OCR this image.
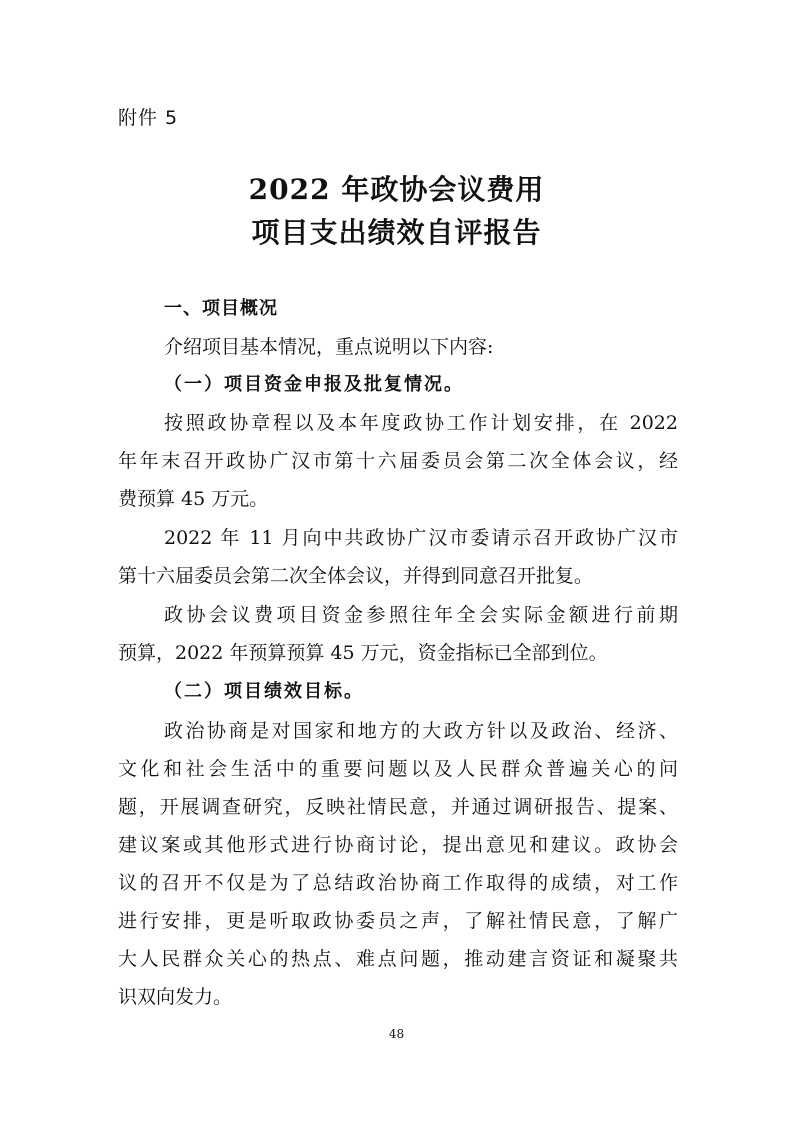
附件 5
2022 年政协会议费用
项目支出绩效自评报告
一、项目概况
介绍项目基本情况，重点说明以下内容:
（一）项目资金申报及批复情况。
按照政协章程以及本年度政协工作计划安排，在 2022
年年末召开政协广汉市第十六届委员会第二次全体会议，经
费预算 45 万元。
2022 年 11 月向中共政协广汉市委请示召开政协广汉市
第十六届委员会第二次全体会议，并得到同意召开批复。
政协会议费项目资金参照往年全会实际金额进行前期
预算，2022 年预算预算 45 万元，资金指标已全部到位。
（二）项目绩效目标。
政治协商是对国家和地方的大政方针以及政治、经济、
文化和社会生活中的重要问题以及人民群众普遍关心的问
题，开展调查研究，反映社情民意，并通过调研报告、提案、
建议案或其他形式进行协商讨论，提出意见和建议。政协会
议的召开不仅是为了总结政治协商工作取得的成绩，对工作
进行安排，更是听取政协委员之声，了解社情民意，了解广
大人民群众关心的热点、难点问题，推动建言资证和凝聚共
识双向发力。
48
